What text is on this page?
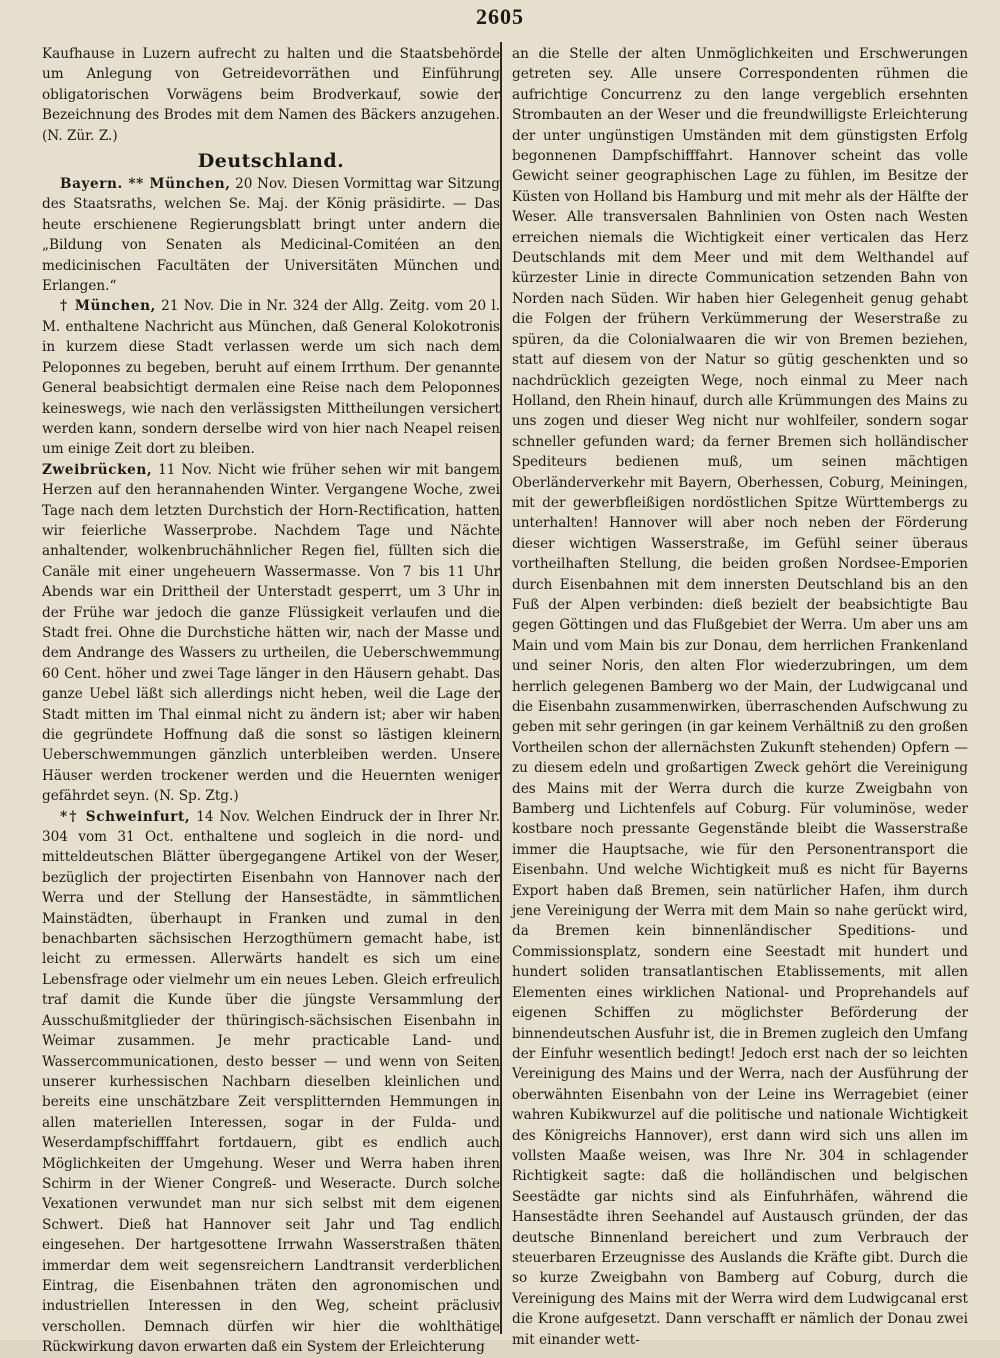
2605

Kaufhause in Luzern aufrecht zu halten und die Staatsbehörde um Anlegung von Getreidevorräthen und Einführung obligatorischen Vorwägens beim Brodverkauf, sowie der Bezeichnung des Brodes mit dem Namen des Bäckers anzugehen. (N. Zür. Z.)

Deutschland.

Bayern. ** München, 20 Nov. Diesen Vormittag war Sitzung des Staatsraths, welchen Se. Maj. der König präsidirte. — Das heute erschienene Regierungsblatt bringt unter andern die „Bildung von Senaten als Medicinal-Comitéen an den medicinischen Facultäten der Universitäten München und Erlangen.“

† München, 21 Nov. Die in Nr. 324 der Allg. Zeitg. vom 20 l. M. enthaltene Nachricht aus München, daß General Kolokotronis in kurzem diese Stadt verlassen werde um sich nach dem Peloponnes zu begeben, beruht auf einem Irrthum. Der genannte General beabsichtigt dermalen eine Reise nach dem Peloponnes keineswegs, wie nach den verlässigsten Mittheilungen versichert werden kann, sondern derselbe wird von hier nach Neapel reisen um einige Zeit dort zu bleiben.

Zweibrücken, 11 Nov. Nicht wie früher sehen wir mit bangem Herzen auf den herannahenden Winter. Vergangene Woche, zwei Tage nach dem letzten Durchstich der Horn-Rectification, hatten wir feierliche Wasserprobe. Nachdem Tage und Nächte anhaltender, wolkenbruchähnlicher Regen fiel, füllten sich die Canäle mit einer ungeheuern Wassermasse. Von 7 bis 11 Uhr Abends war ein Drittheil der Unterstadt gesperrt, um 3 Uhr in der Frühe war jedoch die ganze Flüssigkeit verlaufen und die Stadt frei. Ohne die Durchstiche hätten wir, nach der Masse und dem Andrange des Wassers zu urtheilen, die Ueberschwemmung 60 Cent. höher und zwei Tage länger in den Häusern gehabt. Das ganze Uebel läßt sich allerdings nicht heben, weil die Lage der Stadt mitten im Thal einmal nicht zu ändern ist; aber wir haben die gegründete Hoffnung daß die sonst so lästigen kleinern Ueberschwemmungen gänzlich unterbleiben werden. Unsere Häuser werden trockener werden und die Heuernten weniger gefährdet seyn. (N. Sp. Ztg.)

*† Schweinfurt, 14 Nov. Welchen Eindruck der in Ihrer Nr. 304 vom 31 Oct. enthaltene und sogleich in die nord- und mitteldeutschen Blätter übergegangene Artikel von der Weser, bezüglich der projectirten Eisenbahn von Hannover nach der Werra und der Stellung der Hansestädte, in sämmtlichen Mainstädten, überhaupt in Franken und zumal in den benachbarten sächsischen Herzogthümern gemacht habe, ist leicht zu ermessen. Allerwärts handelt es sich um eine Lebensfrage oder vielmehr um ein neues Leben. Gleich erfreulich traf damit die Kunde über die jüngste Versammlung der Ausschußmitglieder der thüringisch-sächsischen Eisenbahn in Weimar zusammen. Je mehr practicable Land- und Wassercommunicationen, desto besser — und wenn von Seiten unserer kurhessischen Nachbarn dieselben kleinlichen und bereits eine unschätzbare Zeit versplitternden Hemmungen in allen materiellen Interessen, sogar in der Fulda- und Weserdampfschifffahrt fortdauern, gibt es endlich auch Möglichkeiten der Umgehung. Weser und Werra haben ihren Schirm in der Wiener Congreß- und Weseracte. Durch solche Vexationen verwundet man nur sich selbst mit dem eigenen Schwert. Dieß hat Hannover seit Jahr und Tag endlich eingesehen. Der hartgesottene Irrwahn Wasserstraßen thäten immerdar dem weit segensreichern Landtransit verderblichen Eintrag, die Eisenbahnen träten den agronomischen und industriellen Interessen in den Weg, scheint präclusiv verschollen. Demnach dürfen wir hier die wohlthätige Rückwirkung davon erwarten daß ein System der Erleichterung

an die Stelle der alten Unmöglichkeiten und Erschwerungen getreten sey. Alle unsere Correspondenten rühmen die aufrichtige Concurrenz zu den lange vergeblich ersehnten Strombauten an der Weser und die freundwilligste Erleichterung der unter ungünstigen Umständen mit dem günstigsten Erfolg begonnenen Dampfschifffahrt. Hannover scheint das volle Gewicht seiner geographischen Lage zu fühlen, im Besitze der Küsten von Holland bis Hamburg und mit mehr als der Hälfte der Weser. Alle transversalen Bahnlinien von Osten nach Westen erreichen niemals die Wichtigkeit einer verticalen das Herz Deutschlands mit dem Meer und mit dem Welthandel auf kürzester Linie in directe Communication setzenden Bahn von Norden nach Süden. Wir haben hier Gelegenheit genug gehabt die Folgen der frühern Verkümmerung der Weserstraße zu spüren, da die Colonialwaaren die wir von Bremen beziehen, statt auf diesem von der Natur so gütig geschenkten und so nachdrücklich gezeigten Wege, noch einmal zu Meer nach Holland, den Rhein hinauf, durch alle Krümmungen des Mains zu uns zogen und dieser Weg nicht nur wohlfeiler, sondern sogar schneller gefunden ward; da ferner Bremen sich holländischer Spediteurs bedienen muß, um seinen mächtigen Oberländerverkehr mit Bayern, Oberhessen, Coburg, Meiningen, mit der gewerbfleißigen nordöstlichen Spitze Württembergs zu unterhalten! Hannover will aber noch neben der Förderung dieser wichtigen Wasserstraße, im Gefühl seiner überaus vortheilhaften Stellung, die beiden großen Nordsee-Emporien durch Eisenbahnen mit dem innersten Deutschland bis an den Fuß der Alpen verbinden: dieß bezielt der beabsichtigte Bau gegen Göttingen und das Flußgebiet der Werra. Um aber uns am Main und vom Main bis zur Donau, dem herrlichen Frankenland und seiner Noris, den alten Flor wiederzubringen, um dem herrlich gelegenen Bamberg wo der Main, der Ludwigcanal und die Eisenbahn zusammenwirken, überraschenden Aufschwung zu geben mit sehr geringen (in gar keinem Verhältniß zu den großen Vortheilen schon der allernächsten Zukunft stehenden) Opfern — zu diesem edeln und großartigen Zweck gehört die Vereinigung des Mains mit der Werra durch die kurze Zweigbahn von Bamberg und Lichtenfels auf Coburg. Für voluminöse, weder kostbare noch pressante Gegenstände bleibt die Wasserstraße immer die Hauptsache, wie für den Personentransport die Eisenbahn. Und welche Wichtigkeit muß es nicht für Bayerns Export haben daß Bremen, sein natürlicher Hafen, ihm durch jene Vereinigung der Werra mit dem Main so nahe gerückt wird, da Bremen kein binnenländischer Speditions- und Commissionsplatz, sondern eine Seestadt mit hundert und hundert soliden transatlantischen Etablissements, mit allen Elementen eines wirklichen National- und Proprehandels auf eigenen Schiffen zu möglichster Beförderung der binnendeutschen Ausfuhr ist, die in Bremen zugleich den Umfang der Einfuhr wesentlich bedingt! Jedoch erst nach der so leichten Vereinigung des Mains und der Werra, nach der Ausführung der oberwähnten Eisenbahn von der Leine ins Werragebiet (einer wahren Kubikwurzel auf die politische und nationale Wichtigkeit des Königreichs Hannover), erst dann wird sich uns allen im vollsten Maaße weisen, was Ihre Nr. 304 in schlagender Richtigkeit sagte: daß die holländischen und belgischen Seestädte gar nichts sind als Einfuhrhäfen, während die Hansestädte ihren Seehandel auf Austausch gründen, der das deutsche Binnenland bereichert und zum Verbrauch der steuerbaren Erzeugnisse des Auslands die Kräfte gibt. Durch die so kurze Zweigbahn von Bamberg auf Coburg, durch die Vereinigung des Mains mit der Werra wird dem Ludwigcanal erst die Krone aufgesetzt. Dann verschafft er nämlich der Donau zwei mit einander wett-
